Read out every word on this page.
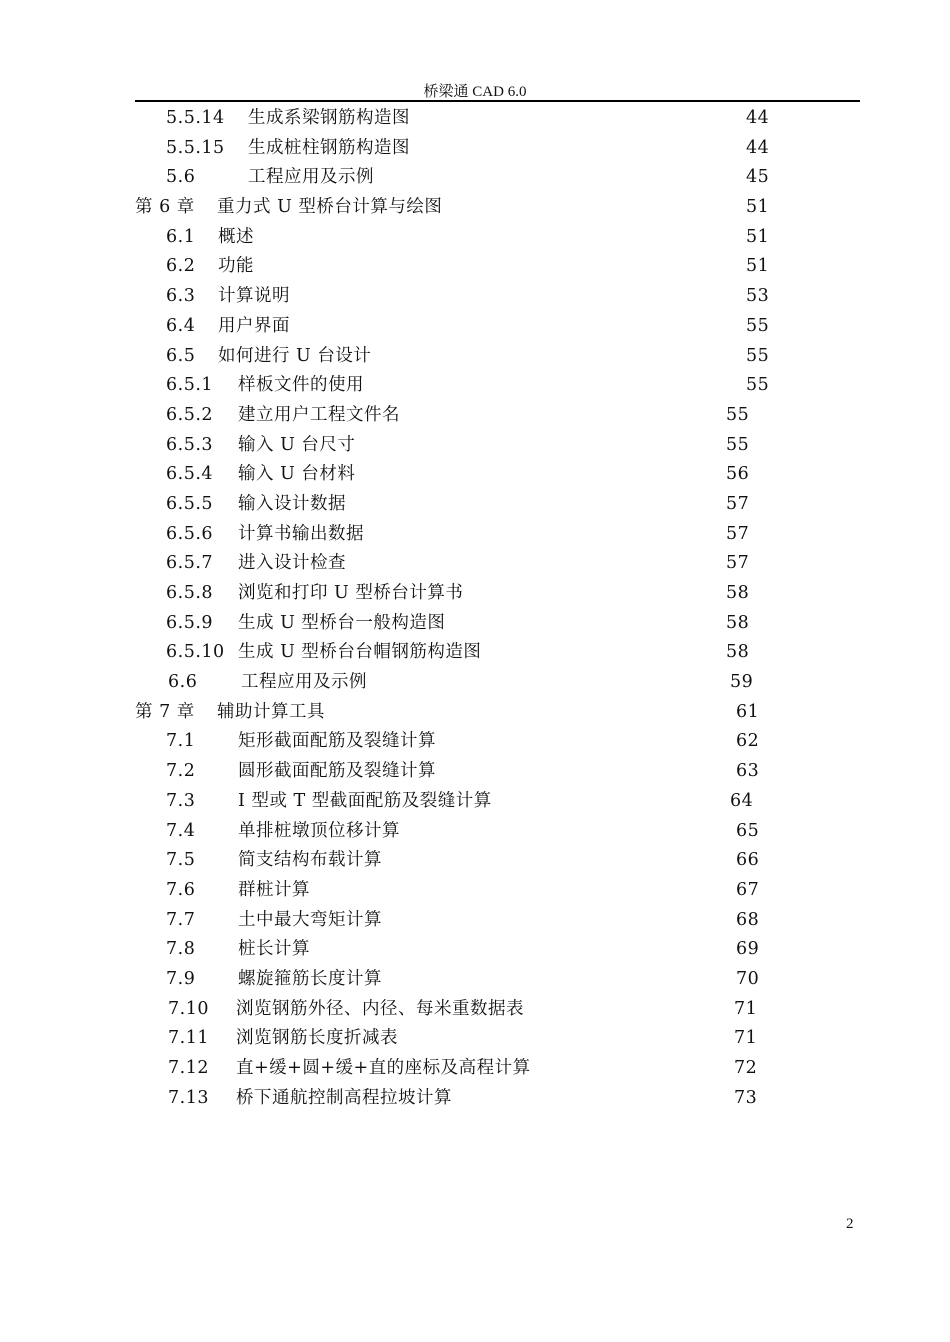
桥梁通 CAD 6.0
5.5.14 生成系梁钢筋构造图	44
5.5.15 生成桩柱钢筋构造图	44
5.6	工程应用及示例	45
第 6 章 重力式 U 型桥台计算与绘图	51
6.1 概述	51
6.2 功能	51
6.3 计算说明	53
6.4 用户界面	55
6.5 如何进行 U 台设计	55
6.5.1 样板文件的使用	55
6.5.2 建立用户工程文件名	55
6.5.3 输入 U 台尺寸	55
6.5.4 输入 U 台材料	56
6.5.5 输入设计数据	57
6.5.6 计算书输出数据	57
6.5.7 进入设计检查	57
6.5.8 浏览和打印 U 型桥台计算书	58
6.5.9 生成 U 型桥台一般构造图	58
6.5.10 生成 U 型桥台台帽钢筋构造图	58
6.6 工程应用及示例	59
第 7 章 辅助计算工具	61
7.1 矩形截面配筋及裂缝计算	62
7.2 圆形截面配筋及裂缝计算	63
7.3 I 型或 T 型截面配筋及裂缝计算	64
7.4 单排桩墩顶位移计算	65
7.5 简支结构布载计算	66
7.6 群桩计算	67
7.7 土中最大弯矩计算	68
7.8 桩长计算	69
7.9 螺旋箍筋长度计算	70
7.10 浏览钢筋外径、内径、每米重数据表	71
7.11 浏览钢筋长度折减表	71
7.12 直+缓+圆+缓+直的座标及高程计算	72
7.13 桥下通航控制高程拉坡计算	73
2
